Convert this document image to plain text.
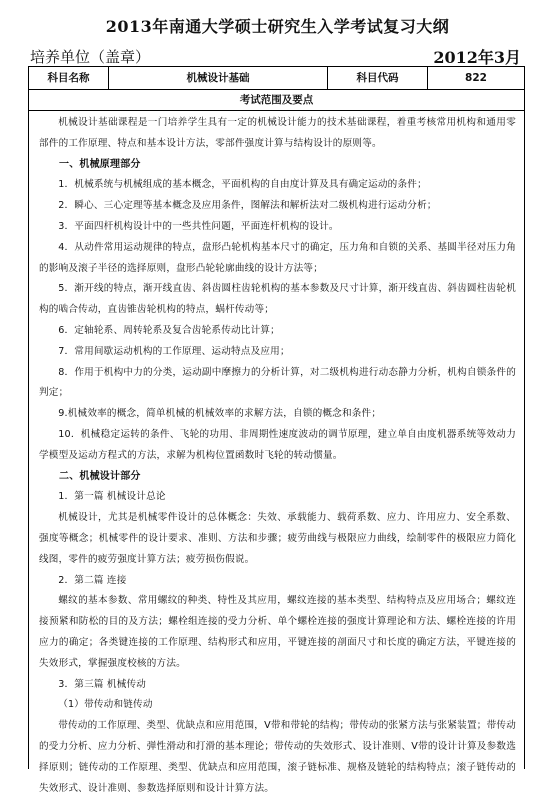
2013年南通大学硕士研究生入学考试复习大纲
培养单位（盖章）	2012年3月
科目名称	机械设计基础	科目代码	822
考试范围及要点

机械设计基础课程是一门培养学生具有一定的机械设计能力的技术基础课程，着重考核常用机构和通用零部件的工作原理、特点和基本设计方法，零部件强度计算与结构设计的原则等。

一、机械原理部分

1．机械系统与机械组成的基本概念，平面机构的自由度计算及具有确定运动的条件；

2．瞬心、三心定理等基本概念及应用条件，图解法和解析法对二级机构进行运动分析；

3．平面四杆机构设计中的一些共性问题，平面连杆机构的设计。

4．从动件常用运动规律的特点，盘形凸轮机构基本尺寸的确定，压力角和自锁的关系、基圆半径对压力角的影响及滚子半径的选择原则，盘形凸轮轮廓曲线的设计方法等；

5．渐开线的特点，渐开线直齿、斜齿圆柱齿轮机构的基本参数及尺寸计算，渐开线直齿、斜齿圆柱齿轮机构的啮合传动，直齿锥齿轮机构的特点，蜗杆传动等；

6．定轴轮系、周转轮系及复合齿轮系传动比计算；

7．常用间歇运动机构的工作原理、运动特点及应用；

8．作用于机构中力的分类，运动副中摩擦力的分析计算，对二级机构进行动态静力分析，机构自锁条件的判定；

9.机械效率的概念，简单机械的机械效率的求解方法，自锁的概念和条件；

10．机械稳定运转的条件、飞轮的功用、非周期性速度波动的调节原理，建立单自由度机器系统等效动力学模型及运动方程式的方法，求解为机构位置函数时飞轮的转动惯量。

二、机械设计部分

1．第一篇 机械设计总论

机械设计，尤其是机械零件设计的总体概念：失效、承载能力、载荷系数、应力、许用应力、安全系数、强度等概念；机械零件的设计要求、准则、方法和步骤；疲劳曲线与极限应力曲线，绘制零件的极限应力简化线图，零件的疲劳强度计算方法；疲劳损伤假说。

2．第二篇 连接

螺纹的基本参数、常用螺纹的种类、特性及其应用，螺纹连接的基本类型、结构特点及应用场合；螺纹连接预紧和防松的目的及方法；螺栓组连接的受力分析、单个螺栓连接的强度计算理论和方法、螺栓连接的许用应力的确定；各类键连接的工作原理、结构形式和应用，平键连接的剖面尺寸和长度的确定方法，平键连接的失效形式，掌握强度校核的方法。

3．第三篇 机械传动

（1）带传动和链传动

带传动的工作原理、类型、优缺点和应用范围，V带和带轮的结构；带传动的张紧方法与张紧装置；带传动的受力分析、应力分析、弹性滑动和打滑的基本理论；带传动的失效形式、设计准则、V带的设计计算及参数选择原则；链传动的工作原理、类型、优缺点和应用范围，滚子链标准、规格及链轮的结构特点；滚子链传动的失效形式、设计准则、参数选择原则和设计计算方法。
